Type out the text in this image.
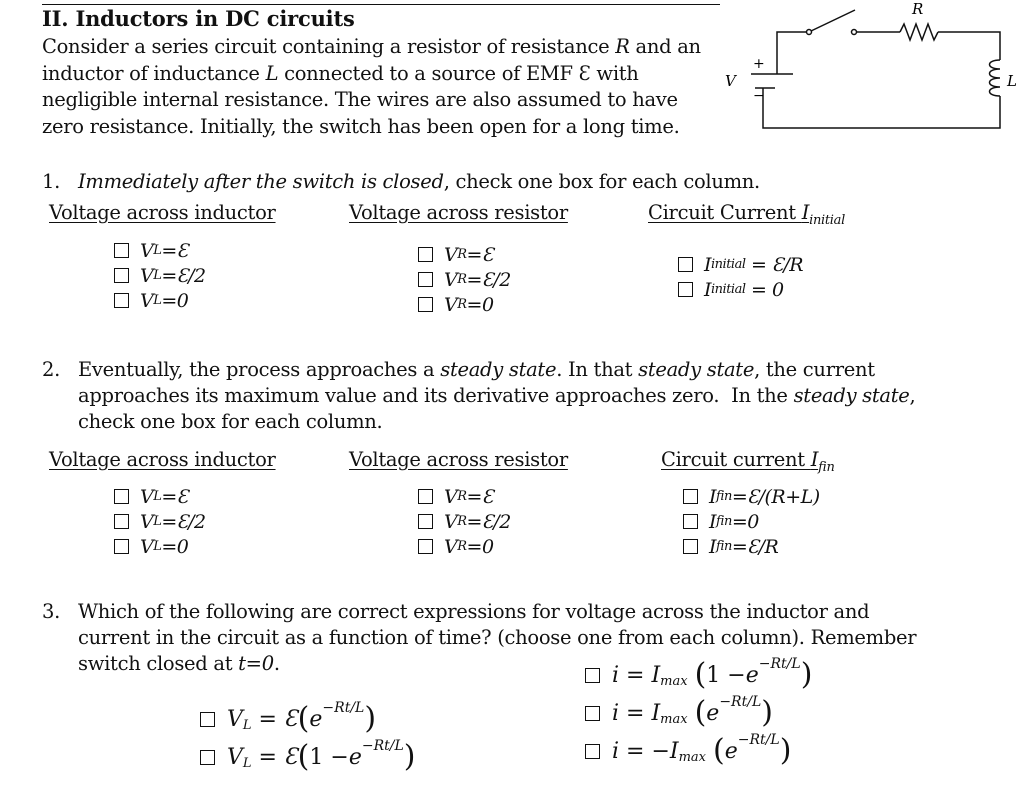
II. Inductors in DC circuits
Consider a series circuit containing a resistor of resistance R and an
inductor of inductance L connected to a source of EMF Ɛ with
negligible internal resistance. The wires are also assumed to have
zero resistance. Initially, the switch has been open for a long time.
R
L
V
+
−
1. Immediately after the switch is closed, check one box for each column.
Voltage across inductor	Voltage across resistor	Circuit Current $I_{initial}$
V L =Ɛ
V L =Ɛ/2
V L =0
V R =Ɛ
V R =Ɛ/2
V R =0
I initial = Ɛ/R
I initial = 0
2. Eventually, the process approaches a steady state. In that steady state, the current
approaches its maximum value and its derivative approaches zero.  In the steady state,
check one box for each column.
Voltage across inductor	Voltage across resistor	Circuit current $I_{fin}$
V L =Ɛ
V L =Ɛ/2
V L =0
V R =Ɛ
V R =Ɛ/2
V R =0
I fin =Ɛ/(R+L)
I fin =0
I fin =Ɛ/R
3. Which of the following are correct expressions for voltage across the inductor and
current in the circuit as a function of time? (choose one from each column). Remember
switch closed at t=0.	i = I max
( 1 − e −Rt/L )
i = I max
( e −Rt/L )
i = −I max
( e −Rt/L )
V L = Ɛ ( e −Rt/L )
V L = Ɛ ( 1 − e −Rt/L )
